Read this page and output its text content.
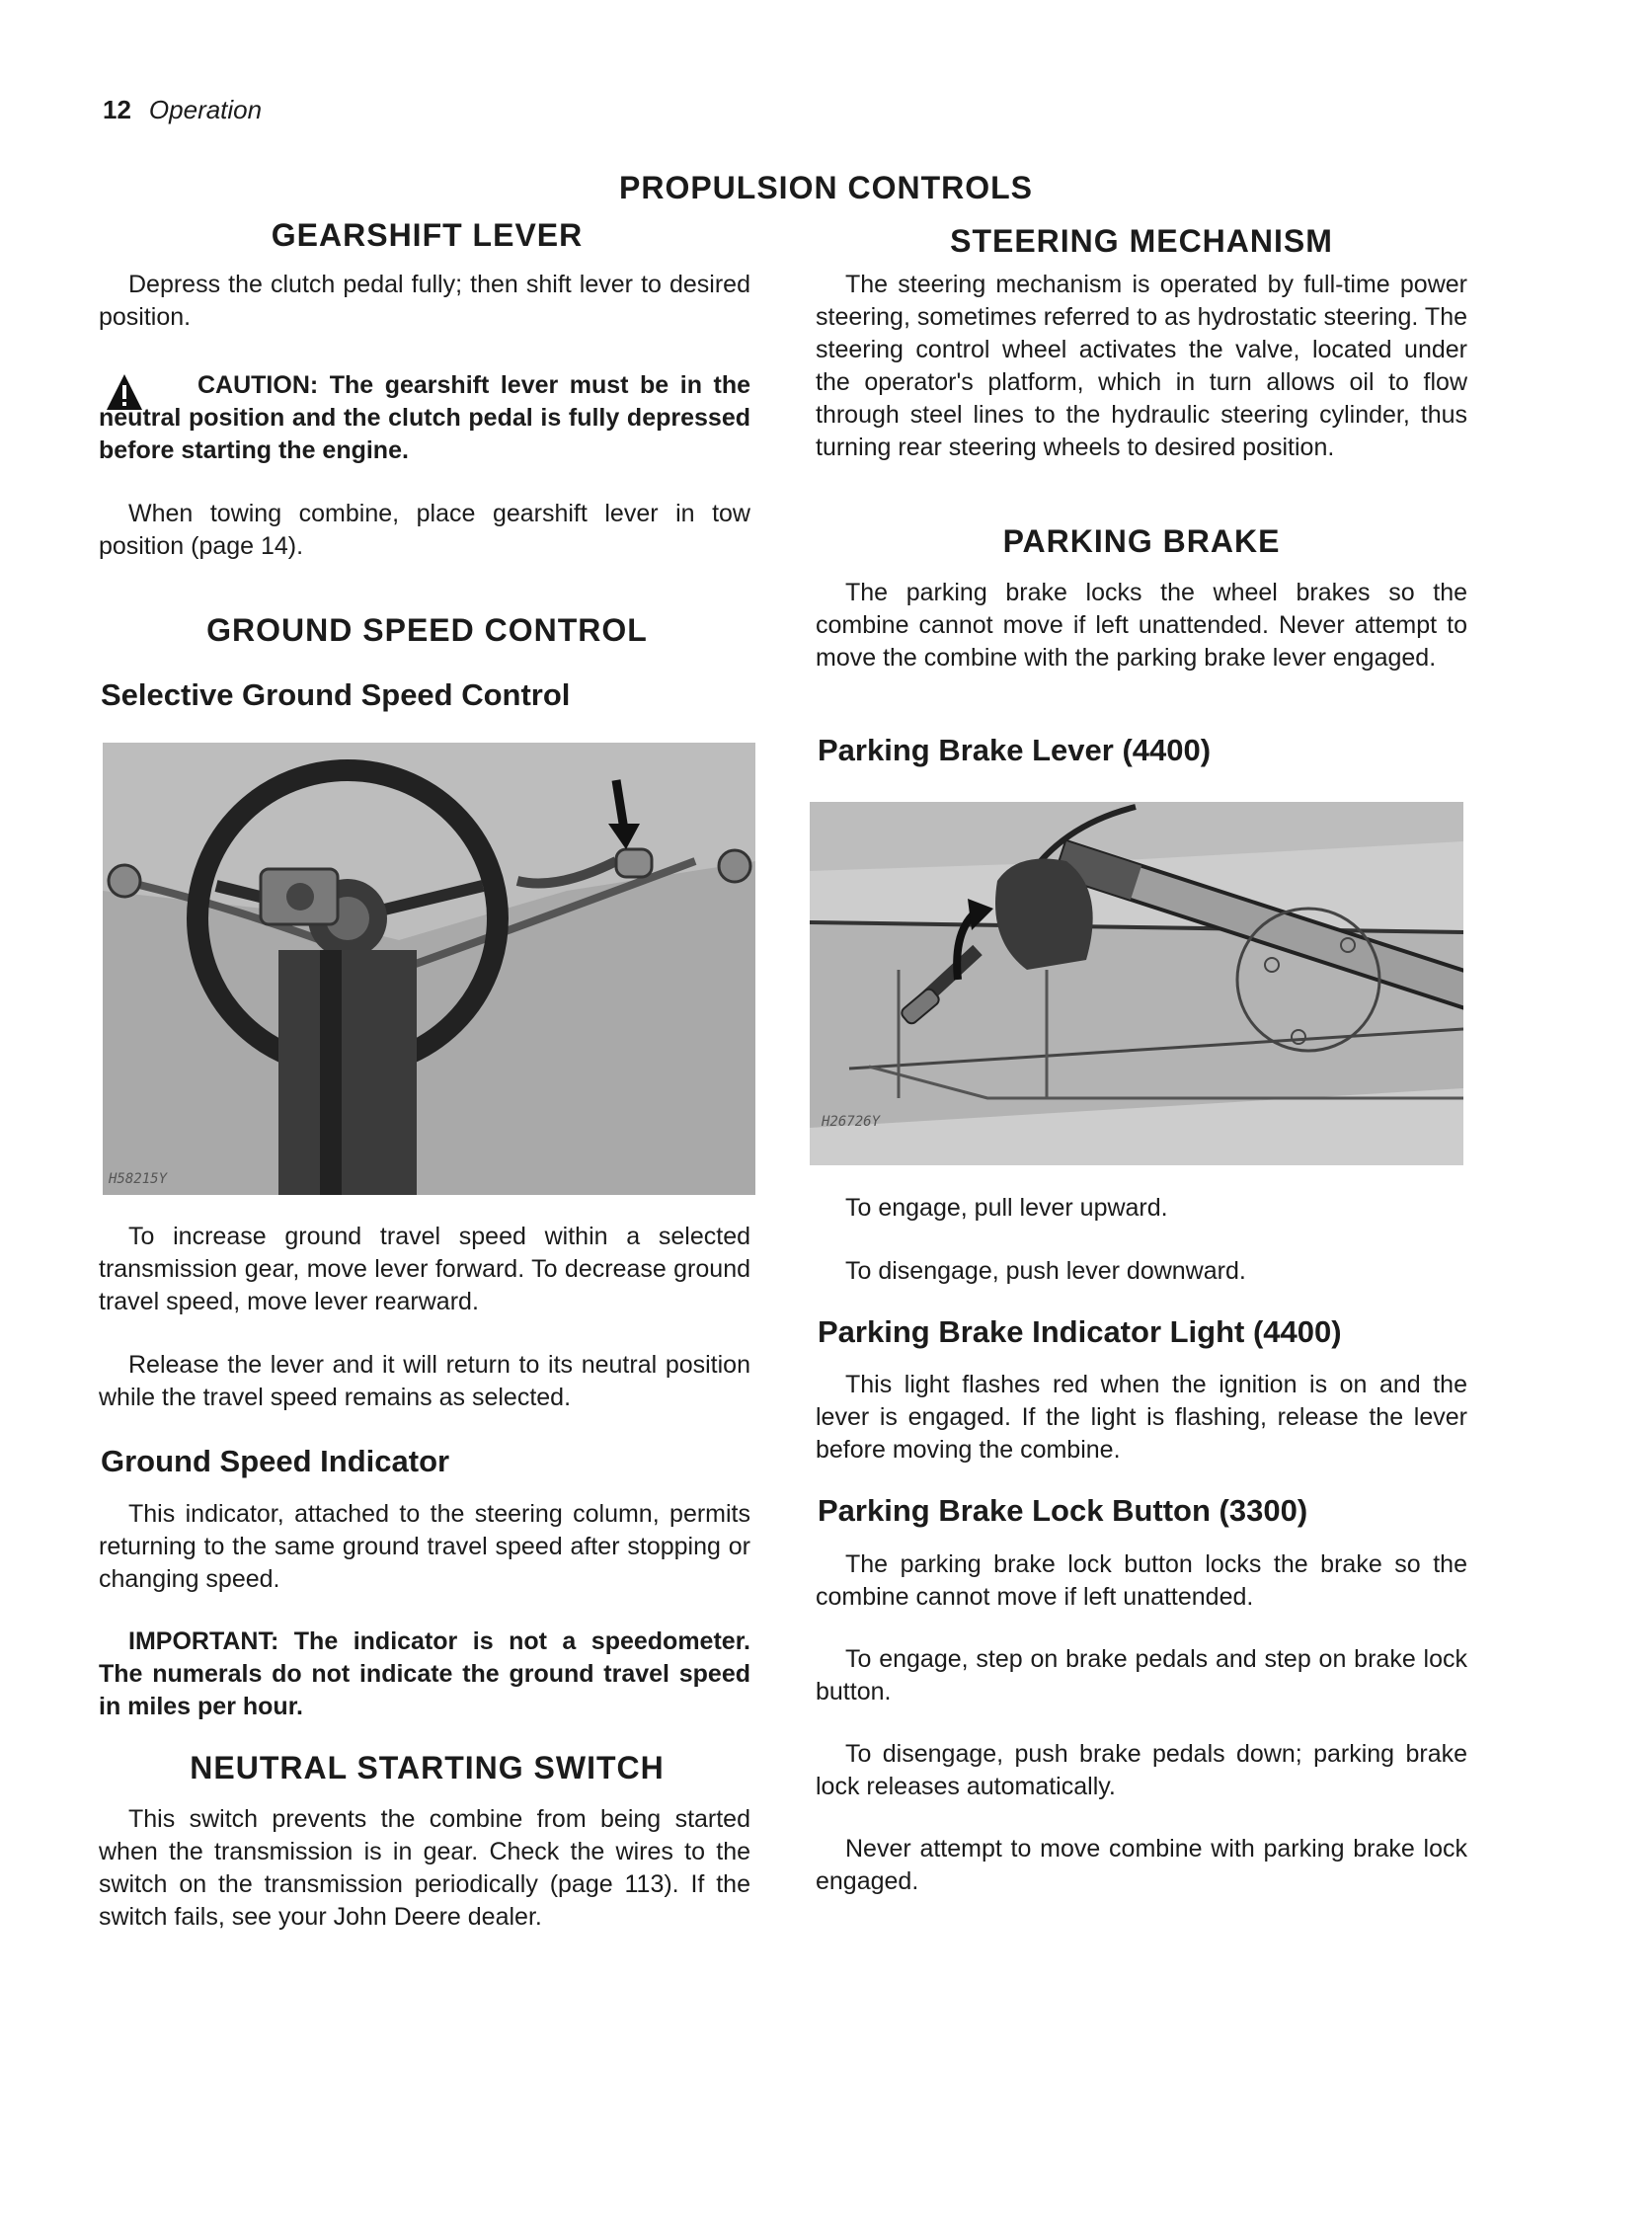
12 Operation
PROPULSION CONTROLS
GEARSHIFT LEVER

Depress the clutch pedal fully; then shift lever to desired position.

CAUTION: The gearshift lever must be in the neutral position and the clutch pedal is fully depressed before starting the engine.

When towing combine, place gearshift lever in tow position (page 14).

GROUND SPEED CONTROL
Selective Ground Speed Control
H58215Y

To increase ground travel speed within a selected transmission gear, move lever forward. To decrease ground travel speed, move lever rearward.

Release the lever and it will return to its neutral position while the travel speed remains as selected.

Ground Speed Indicator

This indicator, attached to the steering column, permits returning to the same ground travel speed after stopping or changing speed.

IMPORTANT: The indicator is not a speedometer. The numerals do not indicate the ground travel speed in miles per hour.

NEUTRAL STARTING SWITCH

This switch prevents the combine from being started when the transmission is in gear. Check the wires to the switch on the transmission periodically (page 113). If the switch fails, see your John Deere dealer.

STEERING MECHANISM

The steering mechanism is operated by full-time power steering, sometimes referred to as hydrostatic steering. The steering control wheel activates the valve, located under the operator's platform, which in turn allows oil to flow through steel lines to the hydraulic steering cylinder, thus turning rear steering wheels to desired position.

PARKING BRAKE

The parking brake locks the wheel brakes so the combine cannot move if left unattended. Never attempt to move the combine with the parking brake lever engaged.

Parking Brake Lever (4400)
H26726Y

To engage, pull lever upward.

To disengage, push lever downward.

Parking Brake Indicator Light (4400)

This light flashes red when the ignition is on and the lever is engaged. If the light is flashing, release the lever before moving the combine.

Parking Brake Lock Button (3300)

The parking brake lock button locks the brake so the combine cannot move if left unattended.

To engage, step on brake pedals and step on brake lock button.

To disengage, push brake pedals down; parking brake lock releases automatically.

Never attempt to move combine with parking brake lock engaged.
